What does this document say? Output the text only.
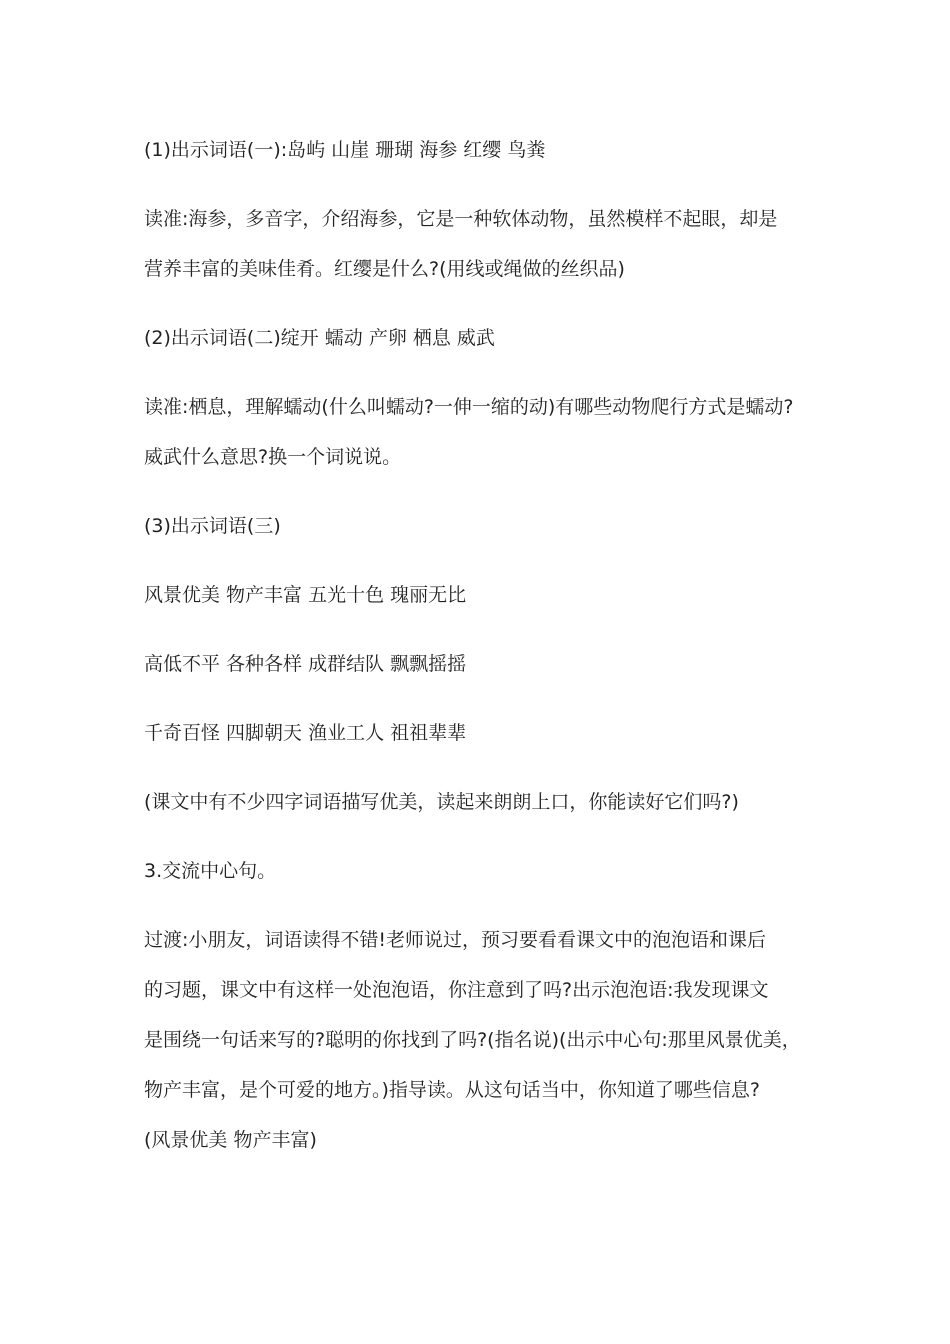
(1)出示词语(一):岛屿 山崖 珊瑚 海参 红缨 鸟粪

读准:海参，多音字，介绍海参，它是一种软体动物，虽然模样不起眼，却是

营养丰富的美味佳肴。红缨是什么?(用线或绳做的丝织品)

(2)出示词语(二)绽开 蠕动 产卵 栖息 威武

读准:栖息，理解蠕动(什么叫蠕动?一伸一缩的动)有哪些动物爬行方式是蠕动?

威武什么意思?换一个词说说。

(3)出示词语(三)

风景优美 物产丰富 五光十色 瑰丽无比

高低不平 各种各样 成群结队 飘飘摇摇

千奇百怪 四脚朝天 渔业工人 祖祖辈辈

(课文中有不少四字词语描写优美，读起来朗朗上口，你能读好它们吗?)

3.交流中心句。

过渡:小朋友，词语读得不错!老师说过，预习要看看课文中的泡泡语和课后

的习题，课文中有这样一处泡泡语，你注意到了吗?出示泡泡语:我发现课文

是围绕一句话来写的?聪明的你找到了吗?(指名说)(出示中心句:那里风景优美，

物产丰富，是个可爱的地方。)指导读。从这句话当中，你知道了哪些信息?

(风景优美 物产丰富)
